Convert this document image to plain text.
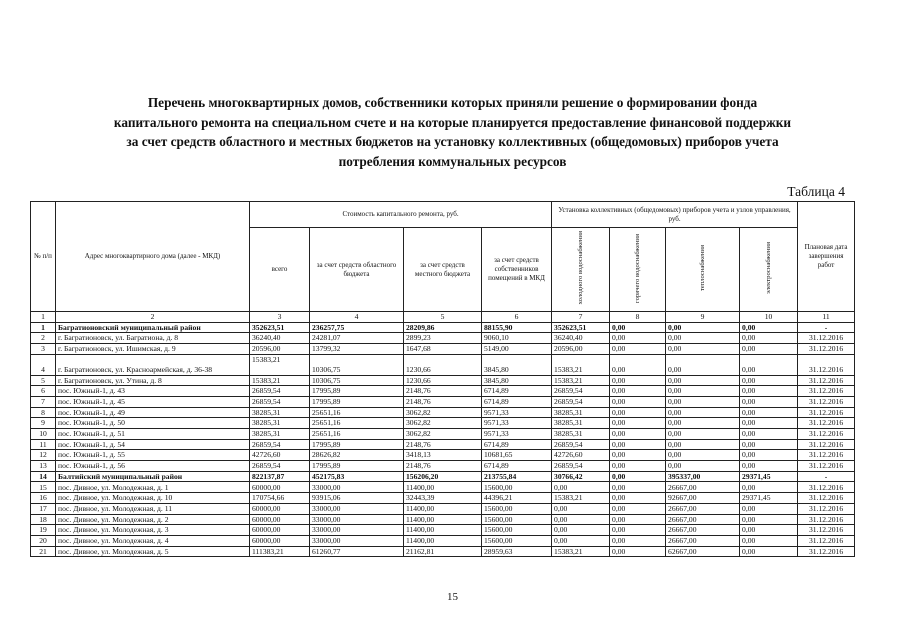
Перечень многоквартирных домов, собственники которых приняли решение о формировании фонда
капитального ремонта на специальном счете и на которые планируется предоставление финансовой поддержки
за счет средств областного и местных бюджетов на установку коллективных (общедомовых) приборов учета
потребления коммунальных ресурсов
Таблица 4
№ п/п	Адрес многоквартирного дома (далее - МКД)	Стоимость капитального ремонта, руб.				Установка коллективных (общедомовых) приборов учета и узлов управления, руб.				Плановая дата завершения работ
		всего	за счет средств областного бюджета	за счет средств местного бюджета	за счет средств собственников помещений в МКД	холодного водоснабжения	горячего водоснабжения	теплоснабжения	электроснабжения	
1	2	3	4	5	6	7	8	9	10	11
1	Багратионовский муниципальный район	352623,51	236257,75	28209,86	88155,90	352623,51	0,00	0,00	0,00	-
2	г. Багратионовск, ул. Багратиона, д. 8	36240,40	24281,07	2899,23	9060,10	36240,40	0,00	0,00	0,00	31.12.2016
3	г. Багратионовск, ул. Ишимская, д. 9	20596,00	13799,32	1647,68	5149,00	20596,00	0,00	0,00	0,00	31.12.2016
4	г. Багратионовск, ул. Красноармейская, д. 36-38	15383,21	10306,75	1230,66	3845,80	15383,21	0,00	0,00	0,00	31.12.2016
5	г. Багратионовск, ул. Утина, д. 8	15383,21	10306,75	1230,66	3845,80	15383,21	0,00	0,00	0,00	31.12.2016
6	пос. Южный-1, д. 43	26859,54	17995,89	2148,76	6714,89	26859,54	0,00	0,00	0,00	31.12.2016
7	пос. Южный-1, д. 45	26859,54	17995,89	2148,76	6714,89	26859,54	0,00	0,00	0,00	31.12.2016
8	пос. Южный-1, д. 49	38285,31	25651,16	3062,82	9571,33	38285,31	0,00	0,00	0,00	31.12.2016
9	пос. Южный-1, д. 50	38285,31	25651,16	3062,82	9571,33	38285,31	0,00	0,00	0,00	31.12.2016
10	пос. Южный-1, д. 51	38285,31	25651,16	3062,82	9571,33	38285,31	0,00	0,00	0,00	31.12.2016
11	пос. Южный-1, д. 54	26859,54	17995,89	2148,76	6714,89	26859,54	0,00	0,00	0,00	31.12.2016
12	пос. Южный-1, д. 55	42726,60	28626,82	3418,13	10681,65	42726,60	0,00	0,00	0,00	31.12.2016
13	пос. Южный-1, д. 56	26859,54	17995,89	2148,76	6714,89	26859,54	0,00	0,00	0,00	31.12.2016
14	Балтийский муниципальный район	822137,87	452175,83	156206,20	213755,84	30766,42	0,00	395337,00	29371,45	-
15	пос. Дивное, ул. Молодежная, д. 1	60000,00	33000,00	11400,00	15600,00	0,00	0,00	26667,00	0,00	31.12.2016
16	пос. Дивное, ул. Молодежная, д. 10	170754,66	93915,06	32443,39	44396,21	15383,21	0,00	92667,00	29371,45	31.12.2016
17	пос. Дивное, ул. Молодежная, д. 11	60000,00	33000,00	11400,00	15600,00	0,00	0,00	26667,00	0,00	31.12.2016
18	пос. Дивное, ул. Молодежная, д. 2	60000,00	33000,00	11400,00	15600,00	0,00	0,00	26667,00	0,00	31.12.2016
19	пос. Дивное, ул. Молодежная, д. 3	60000,00	33000,00	11400,00	15600,00	0,00	0,00	26667,00	0,00	31.12.2016
20	пос. Дивное, ул. Молодежная, д. 4	60000,00	33000,00	11400,00	15600,00	0,00	0,00	26667,00	0,00	31.12.2016
21	пос. Дивное, ул. Молодежная, д. 5	111383,21	61260,77	21162,81	28959,63	15383,21	0,00	62667,00	0,00	31.12.2016
15
